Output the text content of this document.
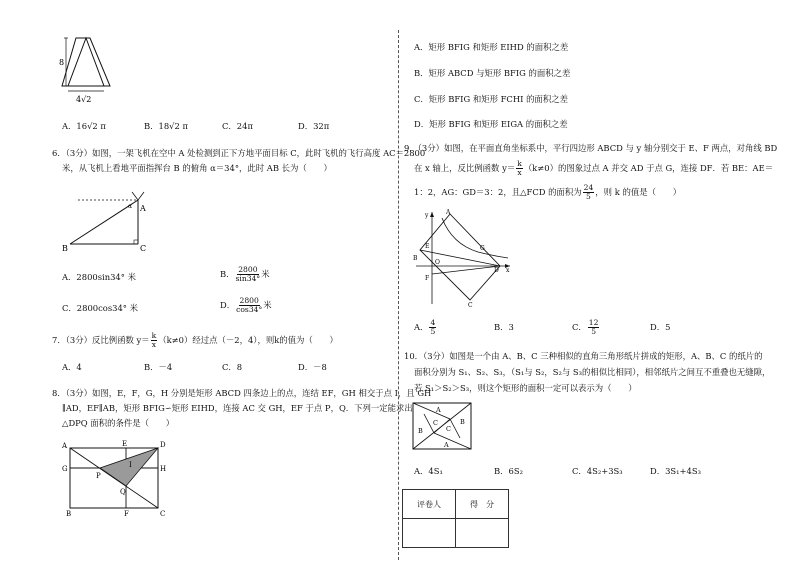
8
4√2
A．16√2 π	B．18√2 π	C．24π	D．32π
6．（3分）如图，一架飞机在空中 A 处检测到正下方地平面目标 C，此时飞机的飞行高度 AC＝2800
米，从飞机上看地平面指挥台 B 的俯角 α＝34°，此时 AB 长为（　　）
α A
B	C
A．2800sin34° 米	B． $\frac{2800}{\sin 34^\circ}$ 米
C．2800cos34° 米	D． $\frac{2800}{\cos 34^\circ}$ 米
7．（3分）反比例函数 $y= \frac{k}{x} (k\ne 0)$经过点（－2，4），则k的值为（　　）
A．4	B．－4	C．8	D．－8
8．（3分）如图，E，F，G，H 分别是矩形 ABCD 四条边上的点，连结 EF，GH 相交于点 I，且 GH
∥AD，EF∥AB，矩形 BFIG∽矩形 EIHD，连接 AC 交 GH，EF 于点 P，Q．下列一定能求出
△DPQ 面积的条件是（　　）
A	E	D
G	H
P
I
Q
B	F	C
A．矩形 BFIG 和矩形 EIHD 的面积之差
B．矩形 ABCD 与矩形 BFIG 的面积之差
C．矩形 BFIG 和矩形 FCHI 的面积之差
D．矩形 BFIG 和矩形 EIGA 的面积之差
9．（3分）如图，在平面直角坐标系中，平行四边形 ABCD 与 y 轴分别交于 E、F 两点，对角线 BD
在 x 轴上，反比例函数 $y= \frac{k}{x} (k\ne 0)$的图象过点 A 并交 AD 于点 G，连接 DF．若 BE：AE＝
1：2，AG：GD＝3：2，且△FCD 的面积为 $\frac{24}{5}$ ，则 k 的值是（　　）
y	A
E	G
B
O
D x
F
C
A． $\frac{4}{5}$	B．3	C． $\frac{12}{5}$	D．5
10．（3分）如图是一个由 A、B、C 三种相似的直角三角形纸片拼成的矩形，A、B、C 的纸片的
面积分别为 S₁、S₂、S₃，（S₁与 S₂，S₂与 S₃的相似比相同），相邻纸片之间互不重叠也无缝隙，
若 S₁＞S₂＞S₃，则这个矩形的面积一定可以表示为（　　）
A
B
C
C
B
A
A．4S₁	B．6S₂	C．4S₂+3S₃	D．3S₁+4S₃
评卷人	得　分
